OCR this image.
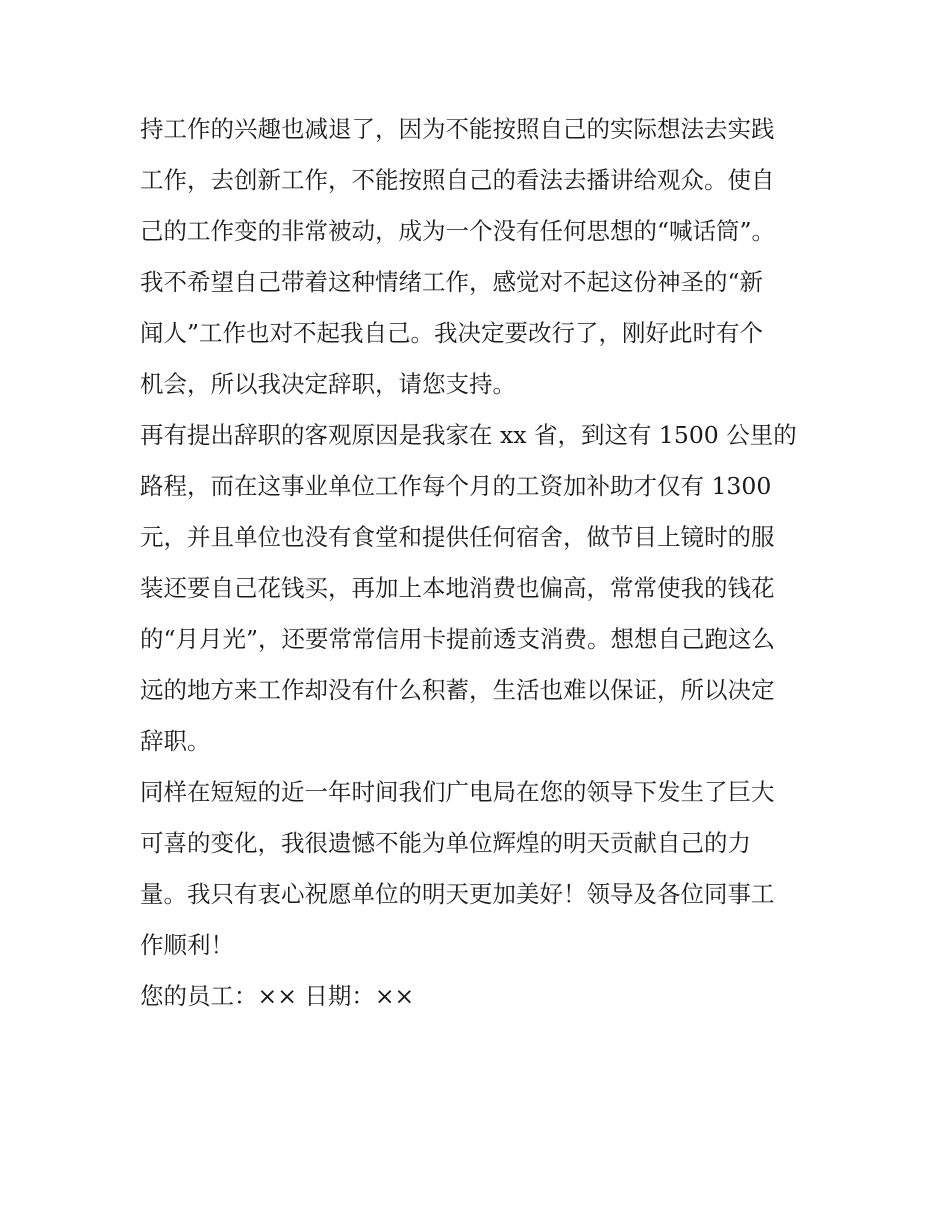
持工作的兴趣也减退了，因为不能按照自己的实际想法去实践
工作，去创新工作，不能按照自己的看法去播讲给观众。使自
己的工作变的非常被动，成为一个没有任何思想的“喊话筒”。
我不希望自己带着这种情绪工作，感觉对不起这份神圣的“新
闻人”工作也对不起我自己。我决定要改行了，刚好此时有个
机会，所以我决定辞职，请您支持。
再有提出辞职的客观原因是我家在 xx 省，到这有 1500 公里的
路程，而在这事业单位工作每个月的工资加补助才仅有 1300
元，并且单位也没有食堂和提供任何宿舍，做节目上镜时的服
装还要自己花钱买，再加上本地消费也偏高，常常使我的钱花
的“月月光”，还要常常信用卡提前透支消费。想想自己跑这么
远的地方来工作却没有什么积蓄，生活也难以保证，所以决定
辞职。
同样在短短的近一年时间我们广电局在您的领导下发生了巨大
可喜的变化，我很遗憾不能为单位辉煌的明天贡献自己的力
量。我只有衷心祝愿单位的明天更加美好！领导及各位同事工
作顺利！
您的员工：×× 日期：××
